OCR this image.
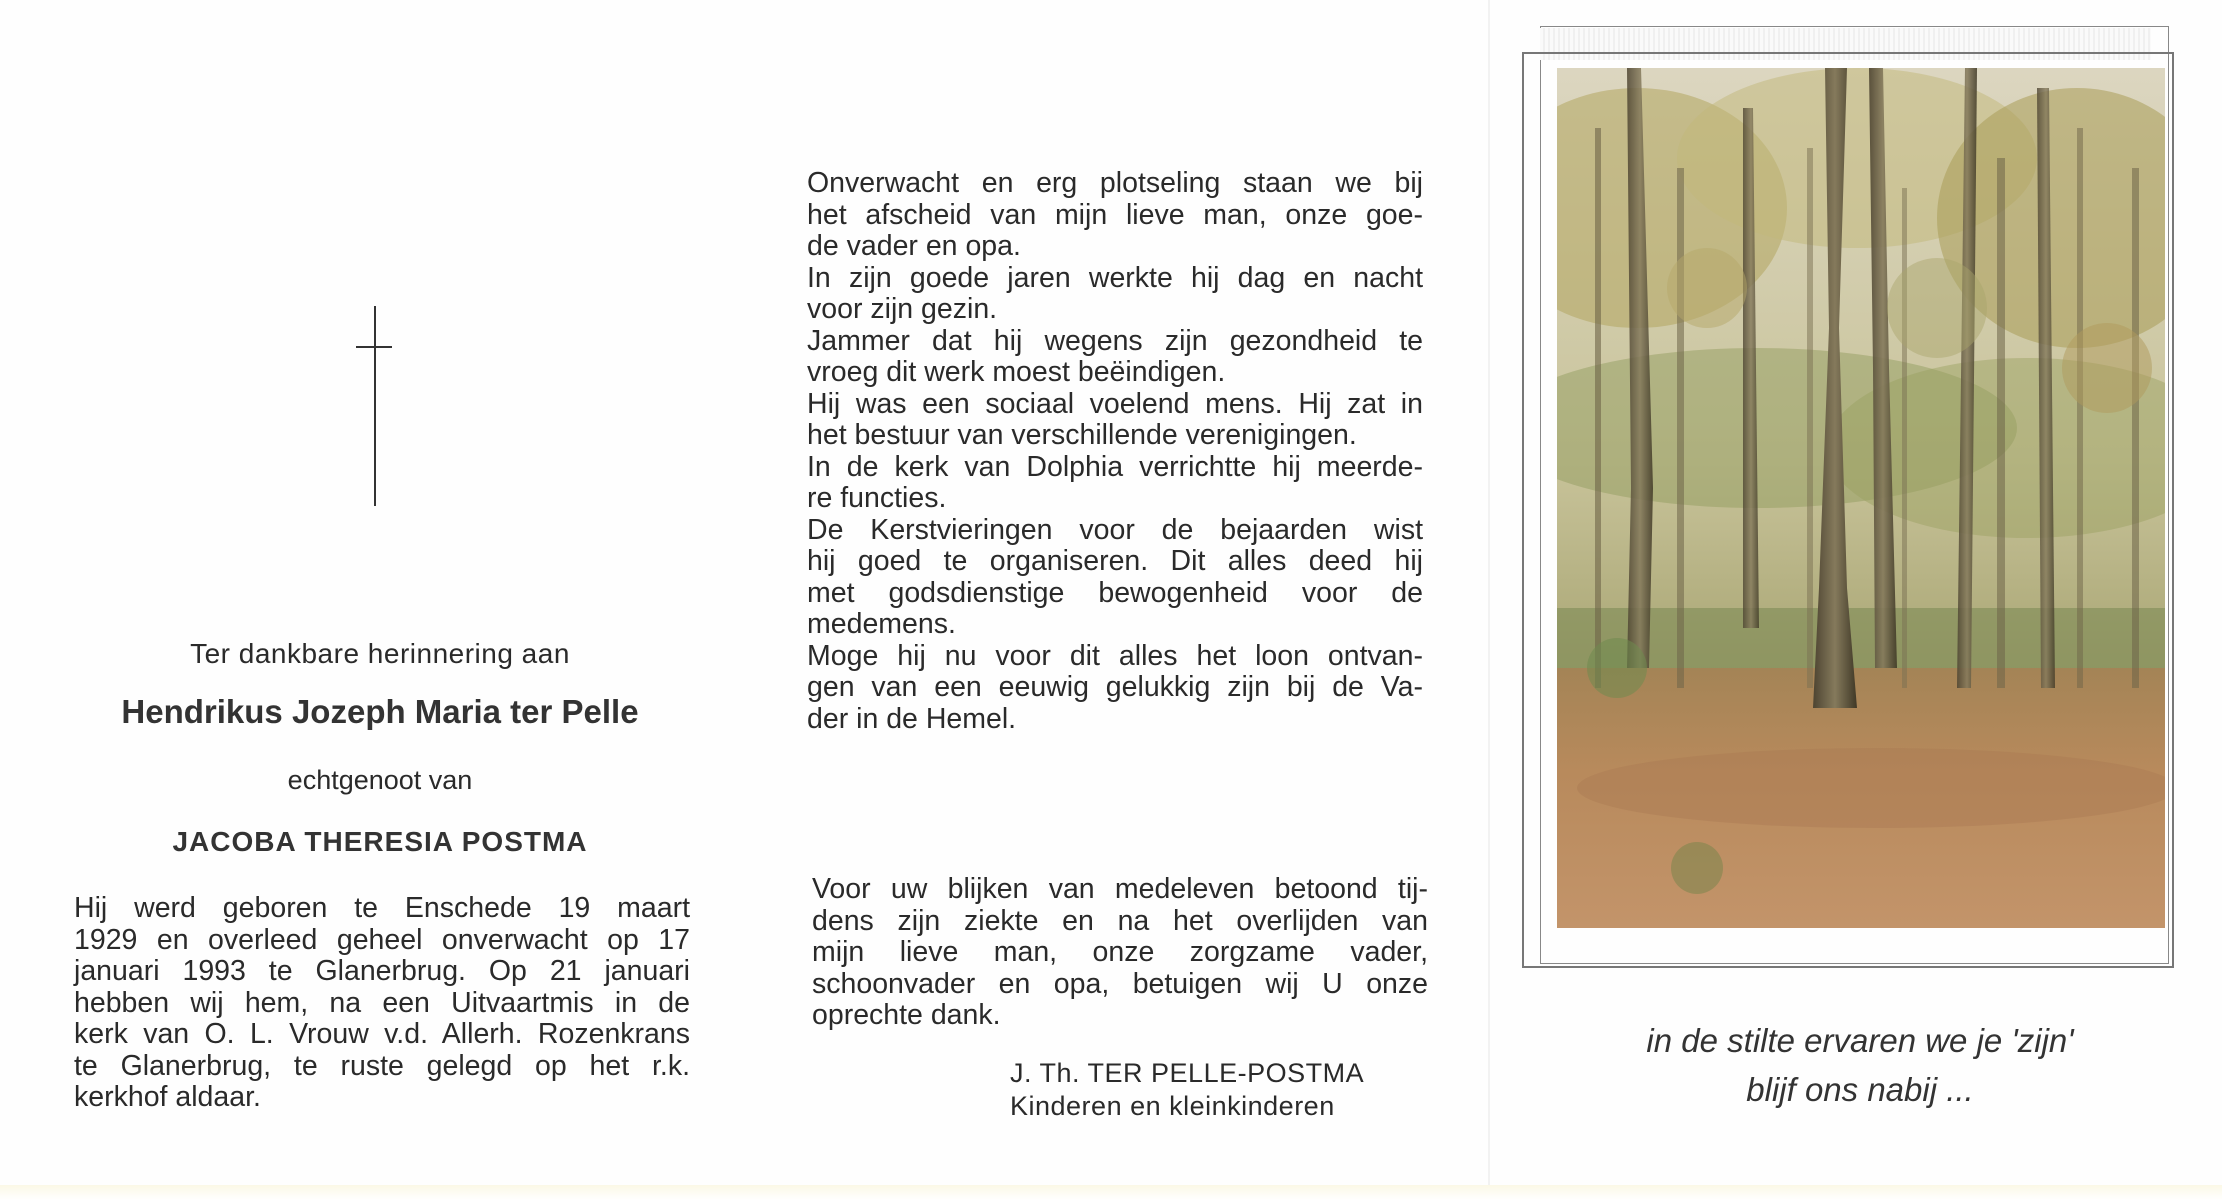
Ter dankbare herinnering aan
Hendrikus Jozeph Maria ter Pelle
echtgenoot van
JACOBA THERESIA POSTMA
Hij werd geboren te Enschede 19 maart
1929 en overleed geheel onverwacht op 17
januari 1993 te Glanerbrug. Op 21 januari
hebben wij hem, na een Uitvaartmis in de
kerk van O. L. Vrouw v.d. Allerh. Rozenkrans
te Glanerbrug, te ruste gelegd op het r.k.
kerkhof aldaar.
Onverwacht en erg plotseling staan we bij
het afscheid van mijn lieve man, onze goe-
de vader en opa.
In zijn goede jaren werkte hij dag en nacht
voor zijn gezin.
Jammer dat hij wegens zijn gezondheid te
vroeg dit werk moest beëindigen.
Hij was een sociaal voelend mens. Hij zat in
het bestuur van verschillende verenigingen.
In de kerk van Dolphia verrichtte hij meerde-
re functies.
De Kerstvieringen voor de bejaarden wist
hij goed te organiseren. Dit alles deed hij
met godsdienstige bewogenheid voor de
medemens.
Moge hij nu voor dit alles het loon ontvan-
gen van een eeuwig gelukkig zijn bij de Va-
der in de Hemel.
Voor uw blijken van medeleven betoond tij-
dens zijn ziekte en na het overlijden van
mijn lieve man, onze zorgzame vader,
schoonvader en opa, betuigen wij U onze
oprechte dank.
J. Th. TER PELLE-POSTMA
Kinderen en kleinkinderen
in de stilte ervaren we je 'zijn'
blijf ons nabij ...
